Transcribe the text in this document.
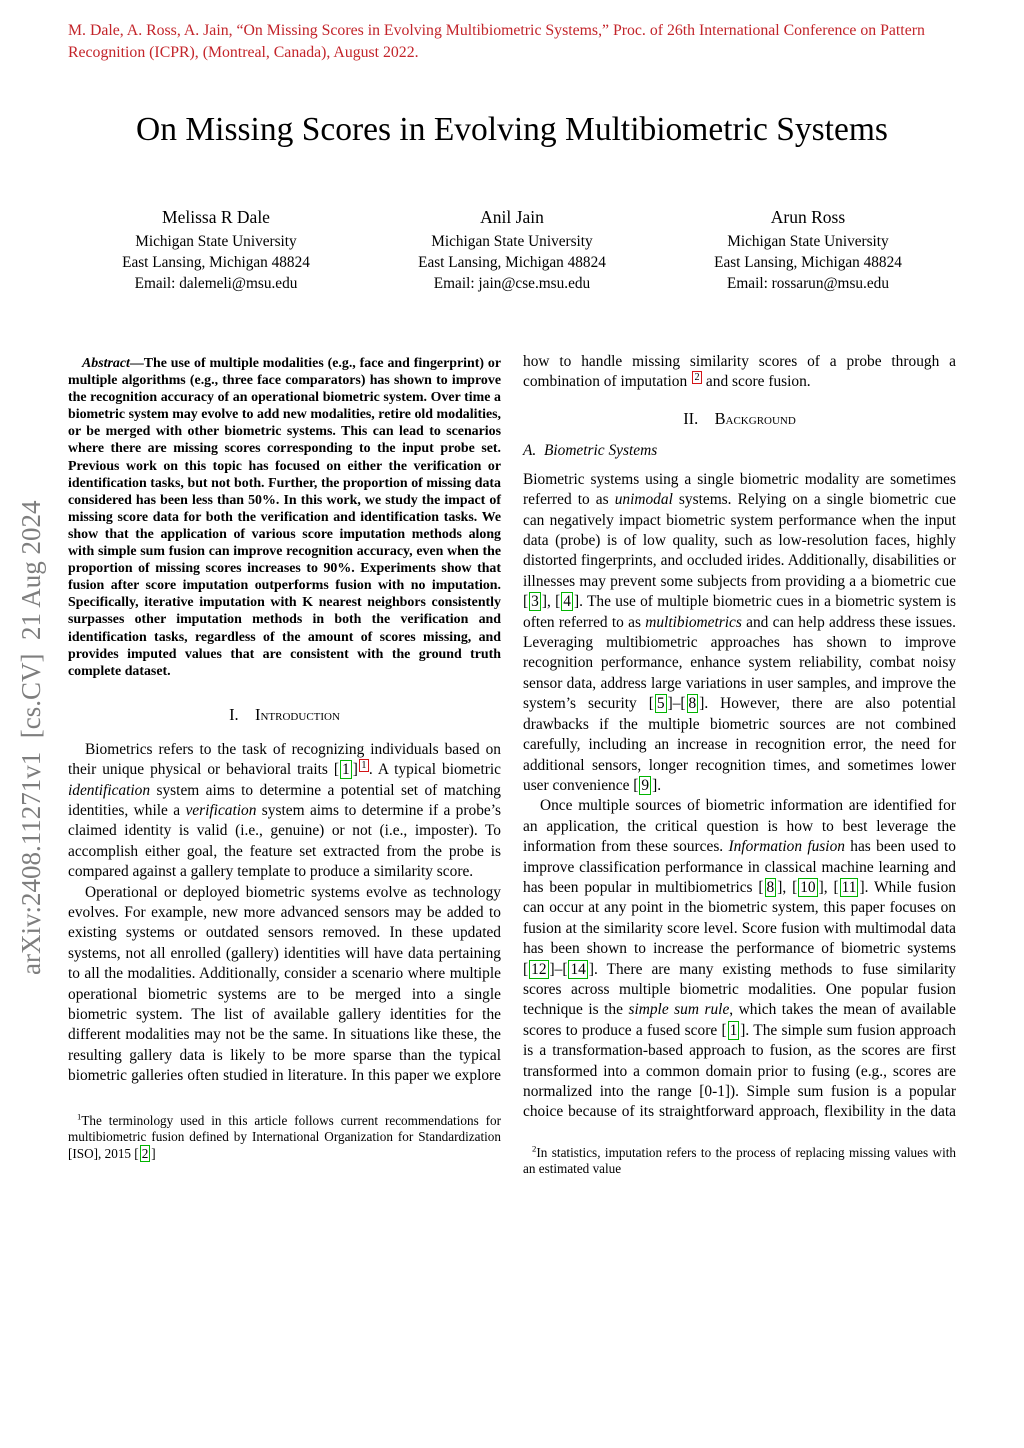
arXiv:2408.11271v1  [cs.CV]  21 Aug 2024
M. Dale, A. Ross, A. Jain, “On Missing Scores in Evolving Multibiometric Systems,” Proc. of 26th International Conference on Pattern Recognition (ICPR), (Montreal, Canada), August 2022.
On Missing Scores in Evolving Multibiometric Systems
Melissa R Dale
Michigan State University
East Lansing, Michigan 48824
Email: dalemeli@msu.edu
Anil Jain
Michigan State University
East Lansing, Michigan 48824
Email: jain@cse.msu.edu
Arun Ross
Michigan State University
East Lansing, Michigan 48824
Email: rossarun@msu.edu

Abstract—The use of multiple modalities (e.g., face and fingerprint) or multiple algorithms (e.g., three face comparators) has shown to improve the recognition accuracy of an operational biometric system. Over time a biometric system may evolve to add new modalities, retire old modalities, or be merged with other biometric systems. This can lead to scenarios where there are missing scores corresponding to the input probe set. Previous work on this topic has focused on either the verification or identification tasks, but not both. Further, the proportion of missing data considered has been less than 50%. In this work, we study the impact of missing score data for both the verification and identification tasks. We show that the application of various score imputation methods along with simple sum fusion can improve recognition accuracy, even when the proportion of missing scores increases to 90%. Experiments show that fusion after score imputation outperforms fusion with no imputation. Specifically, iterative imputation with K nearest neighbors consistently surpasses other imputation methods in both the verification and identification tasks, regardless of the amount of scores missing, and provides imputed values that are consistent with the ground truth complete dataset.

I. Introduction

Biometrics refers to the task of recognizing individuals based on their unique physical or behavioral traits [ 1 ] $^1$ . A typical biometric identification system aims to determine a potential set of matching identities, while a verification system aims to determine if a probe’s claimed identity is valid (i.e., genuine) or not (i.e., imposter). To accomplish either goal, the feature set extracted from the probe is compared against a gallery template to produce a similarity score.

Operational or deployed biometric systems evolve as technology evolves. For example, new more advanced sensors may be added to existing systems or outdated sensors removed. In these updated systems, not all enrolled (gallery) identities will have data pertaining to all the modalities. Additionally, consider a scenario where multiple operational biometric systems are to be merged into a single biometric system. The list of available gallery identities for the different modalities may not be the same. In situations like these, the resulting gallery data is likely to be more sparse than the typical biometric galleries often studied in literature. In this paper we explore

$^1$The terminology used in this article follows current recommendations for multibiometric fusion defined by International Organization for Standardization [ISO], 2015 [ 2 ]

how to handle missing similarity scores of a probe through a combination of imputation $^2$ and score fusion.

II. Background
A. Biometric Systems

Biometric systems using a single biometric modality are sometimes referred to as unimodal systems. Relying on a single biometric cue can negatively impact biometric system performance when the input data (probe) is of low quality, such as low-resolution faces, highly distorted fingerprints, and occluded irides. Additionally, disabilities or illnesses may prevent some subjects from providing a a biometric cue [ 3 ], [ 4 ]. The use of multiple biometric cues in a biometric system is often referred to as multibiometrics and can help address these issues. Leveraging multibiometric approaches has shown to improve recognition performance, enhance system reliability, combat noisy sensor data, address large variations in user samples, and improve the system’s security [ 5 ]–[ 8 ]. However, there are also potential drawbacks if the multiple biometric sources are not combined carefully, including an increase in recognition error, the need for additional sensors, longer recognition times, and sometimes lower user convenience [ 9 ].

Once multiple sources of biometric information are identified for an application, the critical question is how to best leverage the information from these sources. Information fusion has been used to improve classification performance in classical machine learning and has been popular in multibiometrics [ 8 ], [ 10 ], [ 11 ]. While fusion can occur at any point in the biometric system, this paper focuses on fusion at the similarity score level. Score fusion with multimodal data has been shown to increase the performance of biometric systems [ 12 ]–[ 14 ]. There are many existing methods to fuse similarity scores across multiple biometric modalities. One popular fusion technique is the simple sum rule, which takes the mean of available scores to produce a fused score [ 1 ]. The simple sum fusion approach is a transformation-based approach to fusion, as the scores are first transformed into a common domain prior to fusing (e.g., scores are normalized into the range [0-1]). Simple sum fusion is a popular choice because of its straightforward approach, flexibility in the data

$^2$In statistics, imputation refers to the process of replacing missing values with an estimated value
